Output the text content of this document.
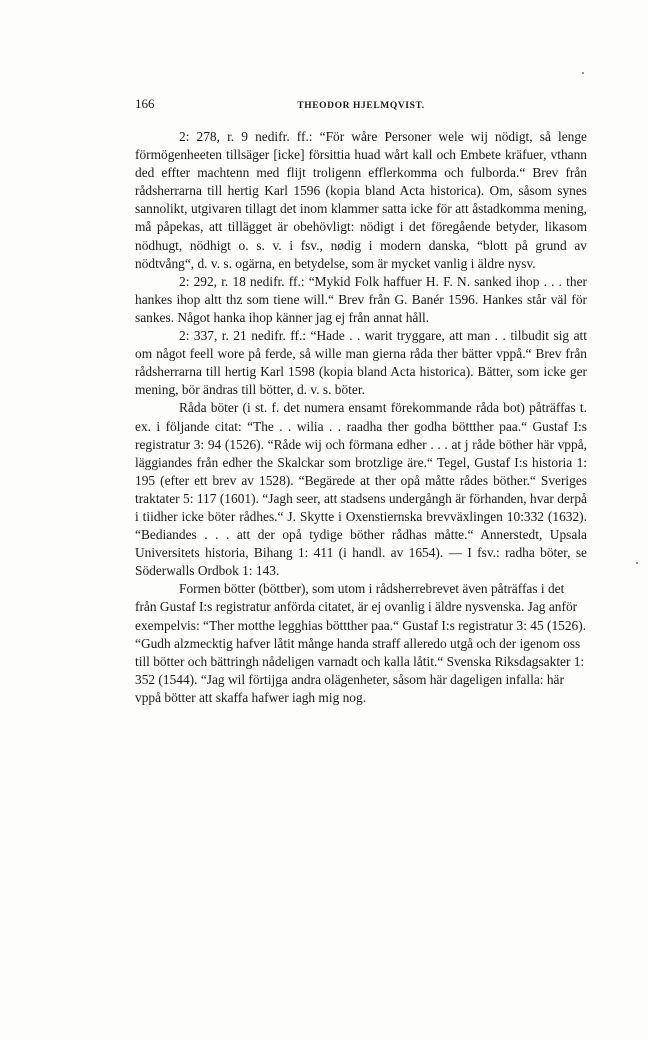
166	THEODOR HJELMQVIST.

2: 278, r. 9 nedifr. ff.: “För wåre Personer wele wij nödigt, så lenge förmögenheeten tillsäger [icke] försittia huad wårt kall och Embete kräfuer, vthann ded effter machtenn med flijt troligenn efflerkomma och fulborda.“ Brev från rådsherrarna till hertig Karl 1596 (kopia bland Acta historica). Om, såsom synes sannolikt, utgivaren tillagt det inom klammer satta icke för att åstadkomma mening, må påpekas, att tillägget är obehövligt: nödigt i det föregående betyder, likasom nödhugt, nödhigt o. s. v. i fsv., nødig i modern danska, “blott på grund av nödtvång“, d. v. s. ogärna, en betydelse, som är mycket vanlig i äldre nysv.

2: 292, r. 18 nedifr. ff.: “Mykid Folk haffuer H. F. N. sanked ihop . . . ther hankes ihop altt thz som tiene will.“ Brev från G. Banér 1596. Hankes står väl för sankes. Något hanka ihop känner jag ej från annat håll.

2: 337, r. 21 nedifr. ff.: “Hade . . warit tryggare, att man . . tilbudit sig att om något feell wore på ferde, så wille man gierna råda ther bätter vppå.“ Brev från rådsherrarna till hertig Karl 1598 (kopia bland Acta historica). Bätter, som icke ger mening, bör ändras till bötter, d. v. s. böter.

Råda böter (i st. f. det numera ensamt förekommande råda bot) påträffas t. ex. i följande citat: “The . . wilia . . raadha ther godha böttther paa.“ Gustaf I:s registratur 3: 94 (1526). “Råde wij och förmana edher . . . at j råde böther här vppå, läggiandes från edher the Skalckar som brotzlige äre.“ Tegel, Gustaf I:s historia 1: 195 (efter ett brev av 1528). “Begärede at ther opå måtte rådes böther.“ Sveriges traktater 5: 117 (1601). “Jagh seer, att stadsens undergångh är förhanden, hvar derpå i tiidher icke böter rådhes.“ J. Skytte i Oxenstiernska brevväxlingen 10:332 (1632). “Bediandes . . . att der opå tydige böther rådhas måtte.“ Annerstedt, Upsala Universitets historia, Bihang 1: 411 (i handl. av 1654). — I fsv.: radha böter, se Söderwalls Ordbok 1: 143.

Formen bötter (böttber), som utom i rådsherrebrevet även påträffas i det från Gustaf I:s registratur anförda citatet, är ej ovanlig i äldre nysvenska. Jag anför exempelvis: “Ther motthe legghias böttther paa.“ Gustaf I:s registratur 3: 45 (1526). “Gudh alzmecktig hafver låtit månge handa straff alleredo utgå och der igenom oss till bötter och bättringh nådeligen varnadt och kalla låtit.“ Svenska Riksdagsakter 1: 352 (1544). “Jag wil förtijga andra olägenheter, såsom här dageligen infalla: här vppå bötter att skaffa hafwer iagh mig nog.
